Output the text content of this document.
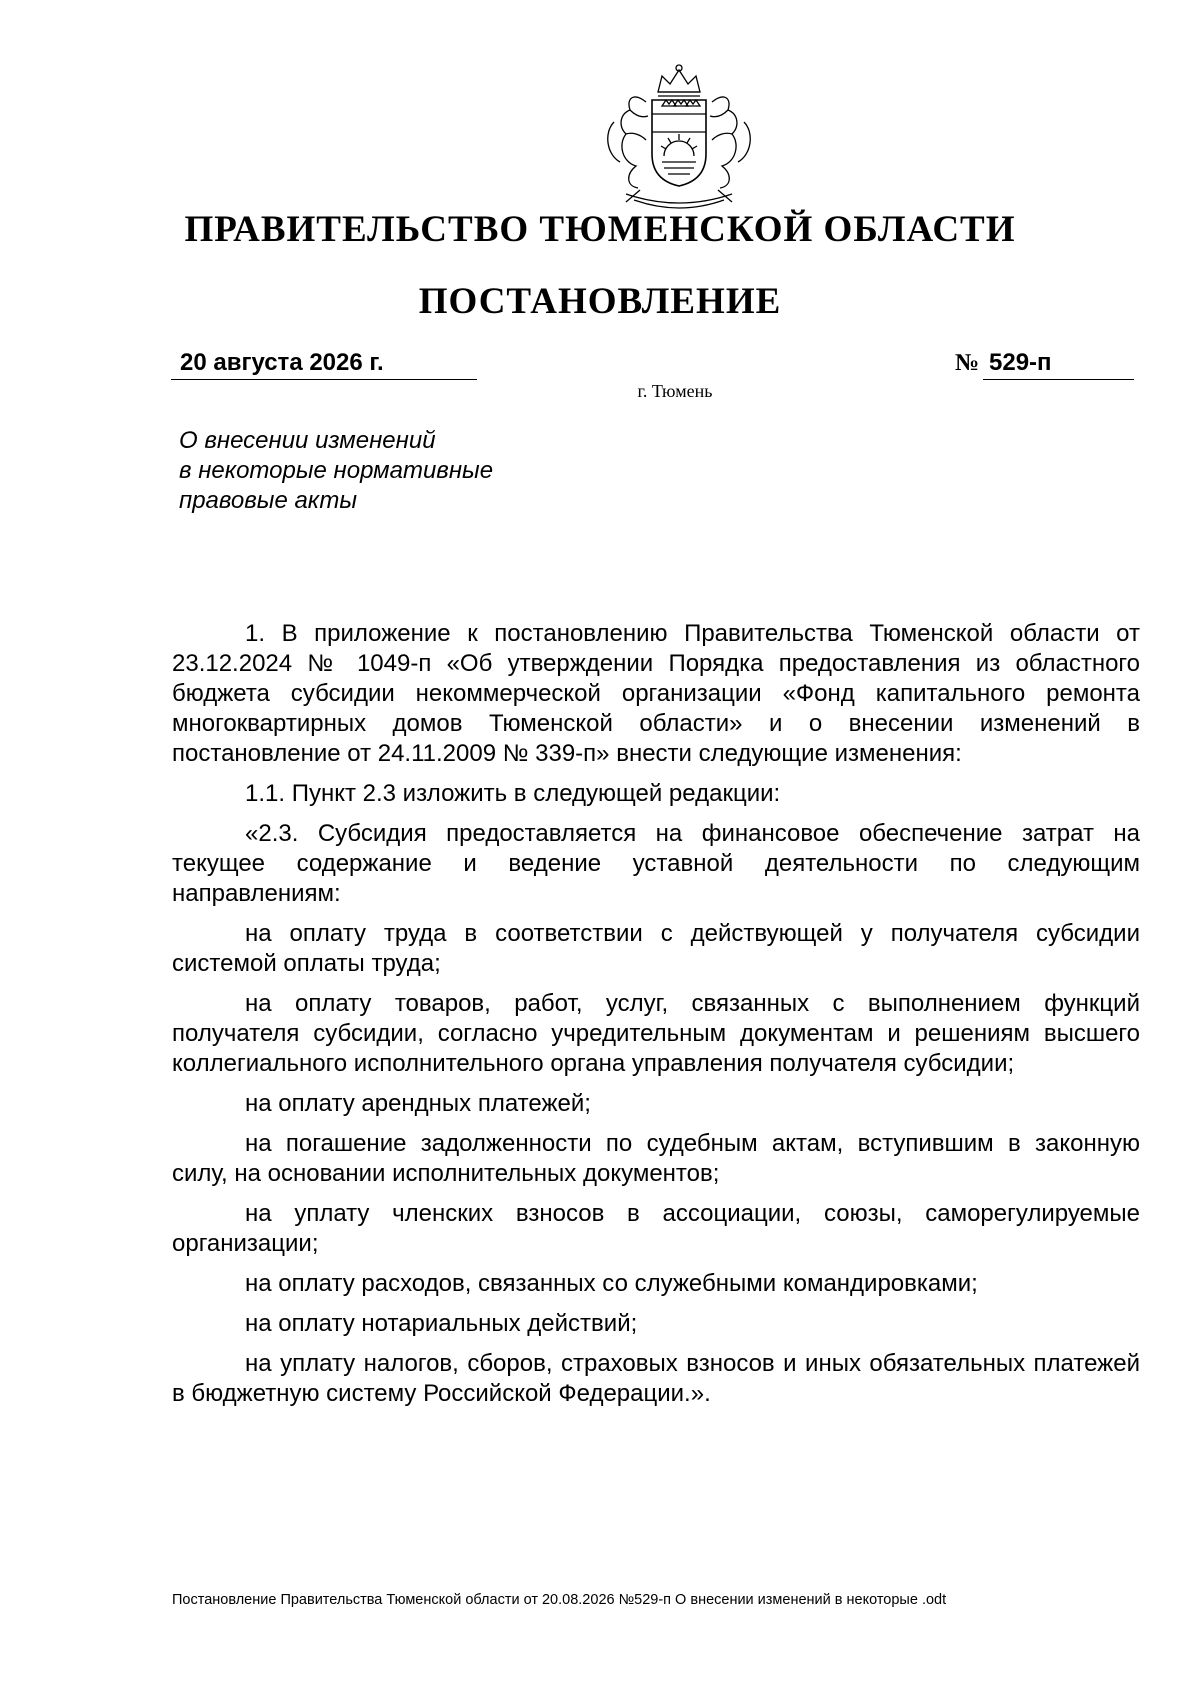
ПРАВИТЕЛЬСТВО ТЮМЕНСКОЙ ОБЛАСТИ
ПОСТАНОВЛЕНИЕ
20 августа 2026 г.	№ 529-п
г. Тюмень
О внесении изменений
в некоторые нормативные
правовые акты

1. В приложение к постановлению Правительства Тюменской области от 23.12.2024 № 1049-п «Об утверждении Порядка предоставления из областного бюджета субсидии некоммерческой организации «Фонд капитального ремонта многоквартирных домов Тюменской области» и о внесении изменений в постановление от 24.11.2009 № 339-п» внести следующие изменения:

1.1. Пункт 2.3 изложить в следующей редакции:

«2.3. Субсидия предоставляется на финансовое обеспечение затрат на текущее содержание и ведение уставной деятельности по следующим направлениям:

на оплату труда в соответствии с действующей у получателя субсидии системой оплаты труда;

на оплату товаров, работ, услуг, связанных с выполнением функций получателя субсидии, согласно учредительным документам и решениям высшего коллегиального исполнительного органа управления получателя субсидии;

на оплату арендных платежей;

на погашение задолженности по судебным актам, вступившим в законную силу, на основании исполнительных документов;

на уплату членских взносов в ассоциации, союзы, саморегулируемые организации;

на оплату расходов, связанных со служебными командировками;

на оплату нотариальных действий;

на уплату налогов, сборов, страховых взносов и иных обязательных платежей в бюджетную систему Российской Федерации.».

Постановление Правительства Тюменской области от 20.08.2026 №529-п О внесении изменений в некоторые .odt
